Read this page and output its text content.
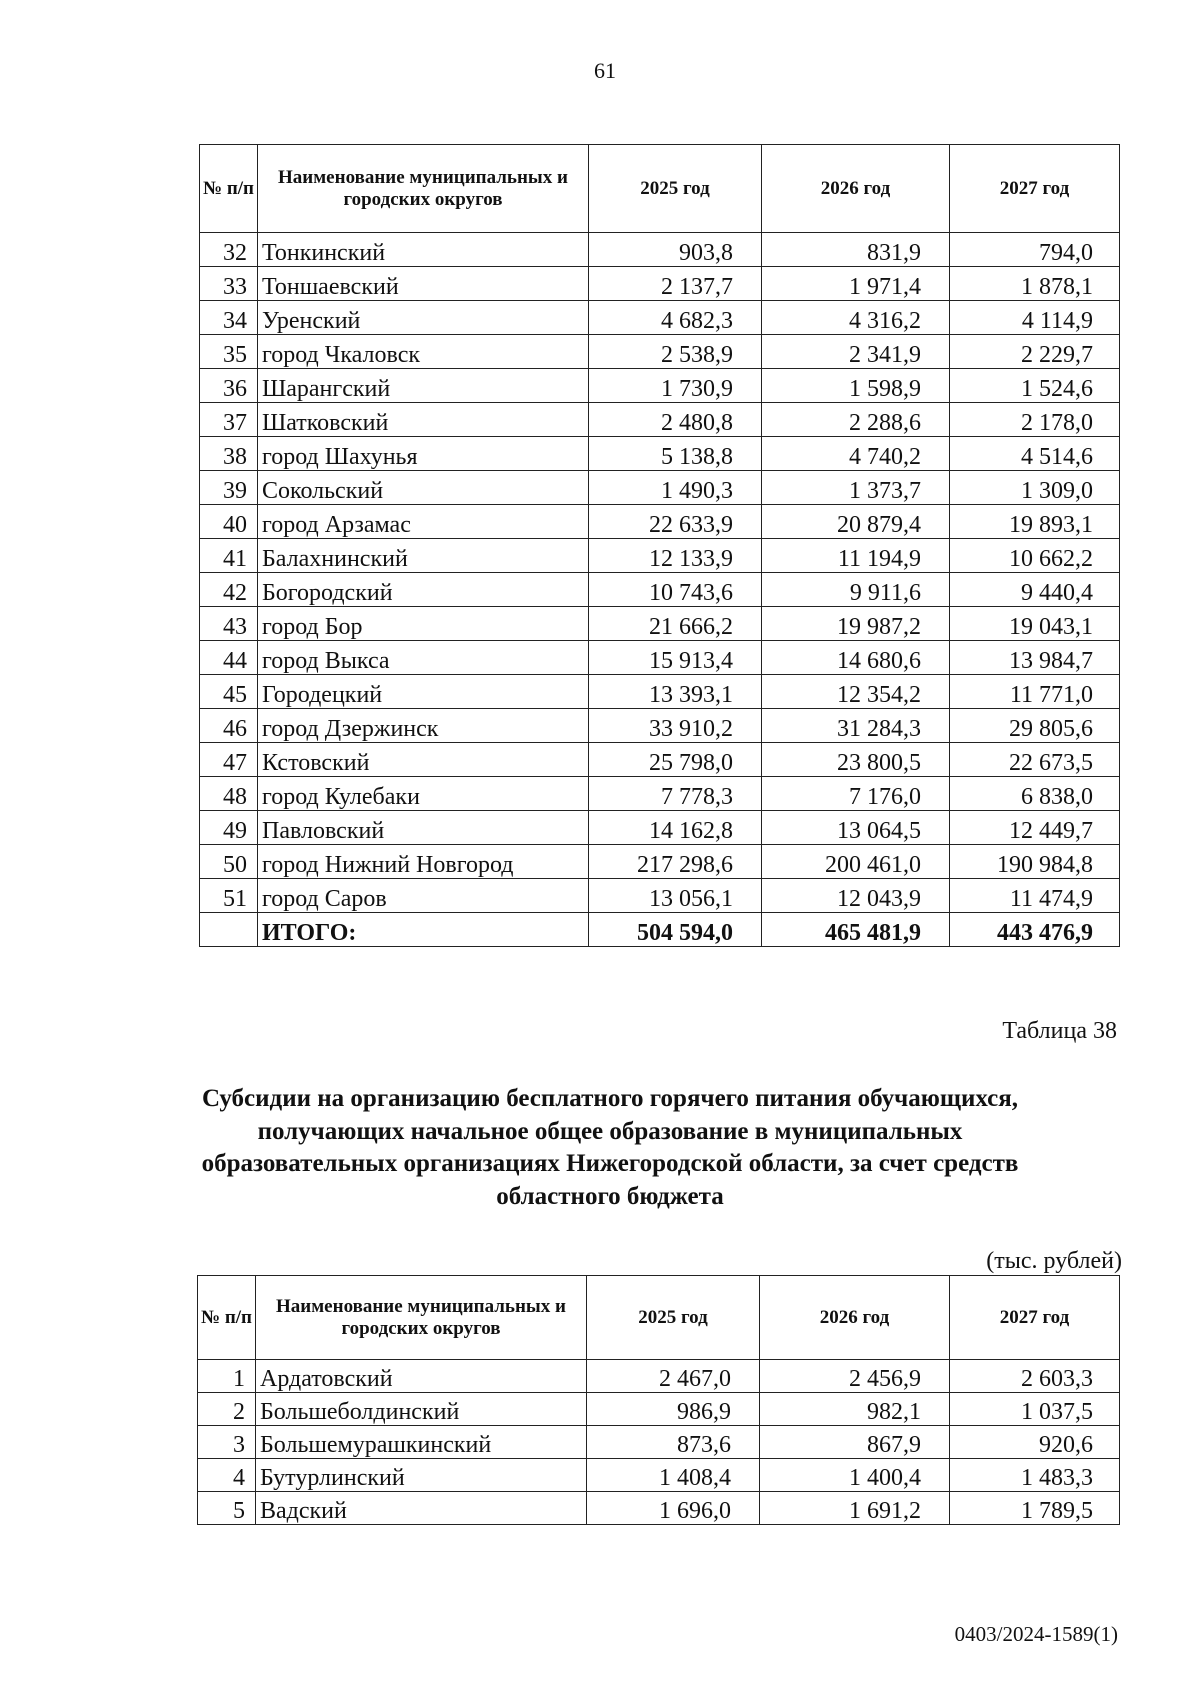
61
№ п/п	Наименование муниципальных и городских округов	2025 год	2026 год	2027 год
32	Тонкинский	903,8	831,9	794,0
33	Тоншаевский	2 137,7	1 971,4	1 878,1
34	Уренский	4 682,3	4 316,2	4 114,9
35	город Чкаловск	2 538,9	2 341,9	2 229,7
36	Шарангский	1 730,9	1 598,9	1 524,6
37	Шатковский	2 480,8	2 288,6	2 178,0
38	город Шахунья	5 138,8	4 740,2	4 514,6
39	Сокольский	1 490,3	1 373,7	1 309,0
40	город Арзамас	22 633,9	20 879,4	19 893,1
41	Балахнинский	12 133,9	11 194,9	10 662,2
42	Богородский	10 743,6	9 911,6	9 440,4
43	город Бор	21 666,2	19 987,2	19 043,1
44	город Выкса	15 913,4	14 680,6	13 984,7
45	Городецкий	13 393,1	12 354,2	11 771,0
46	город Дзержинск	33 910,2	31 284,3	29 805,6
47	Кстовский	25 798,0	23 800,5	22 673,5
48	город Кулебаки	7 778,3	7 176,0	6 838,0
49	Павловский	14 162,8	13 064,5	12 449,7
50	город Нижний Новгород	217 298,6	200 461,0	190 984,8
51	город Саров	13 056,1	12 043,9	11 474,9
	ИТОГО:	504 594,0	465 481,9	443 476,9
Таблица 38
Субсидии на организацию бесплатного горячего питания обучающихся, получающих начальное общее образование в муниципальных образовательных организациях Нижегородской области, за счет средств областного бюджета
(тыс. рублей)
№ п/п	Наименование муниципальных и городских округов	2025 год	2026 год	2027 год
1	Ардатовский	2 467,0	2 456,9	2 603,3
2	Большеболдинский	986,9	982,1	1 037,5
3	Большемурашкинский	873,6	867,9	920,6
4	Бутурлинский	1 408,4	1 400,4	1 483,3
5	Вадский	1 696,0	1 691,2	1 789,5
0403/2024-1589(1)
